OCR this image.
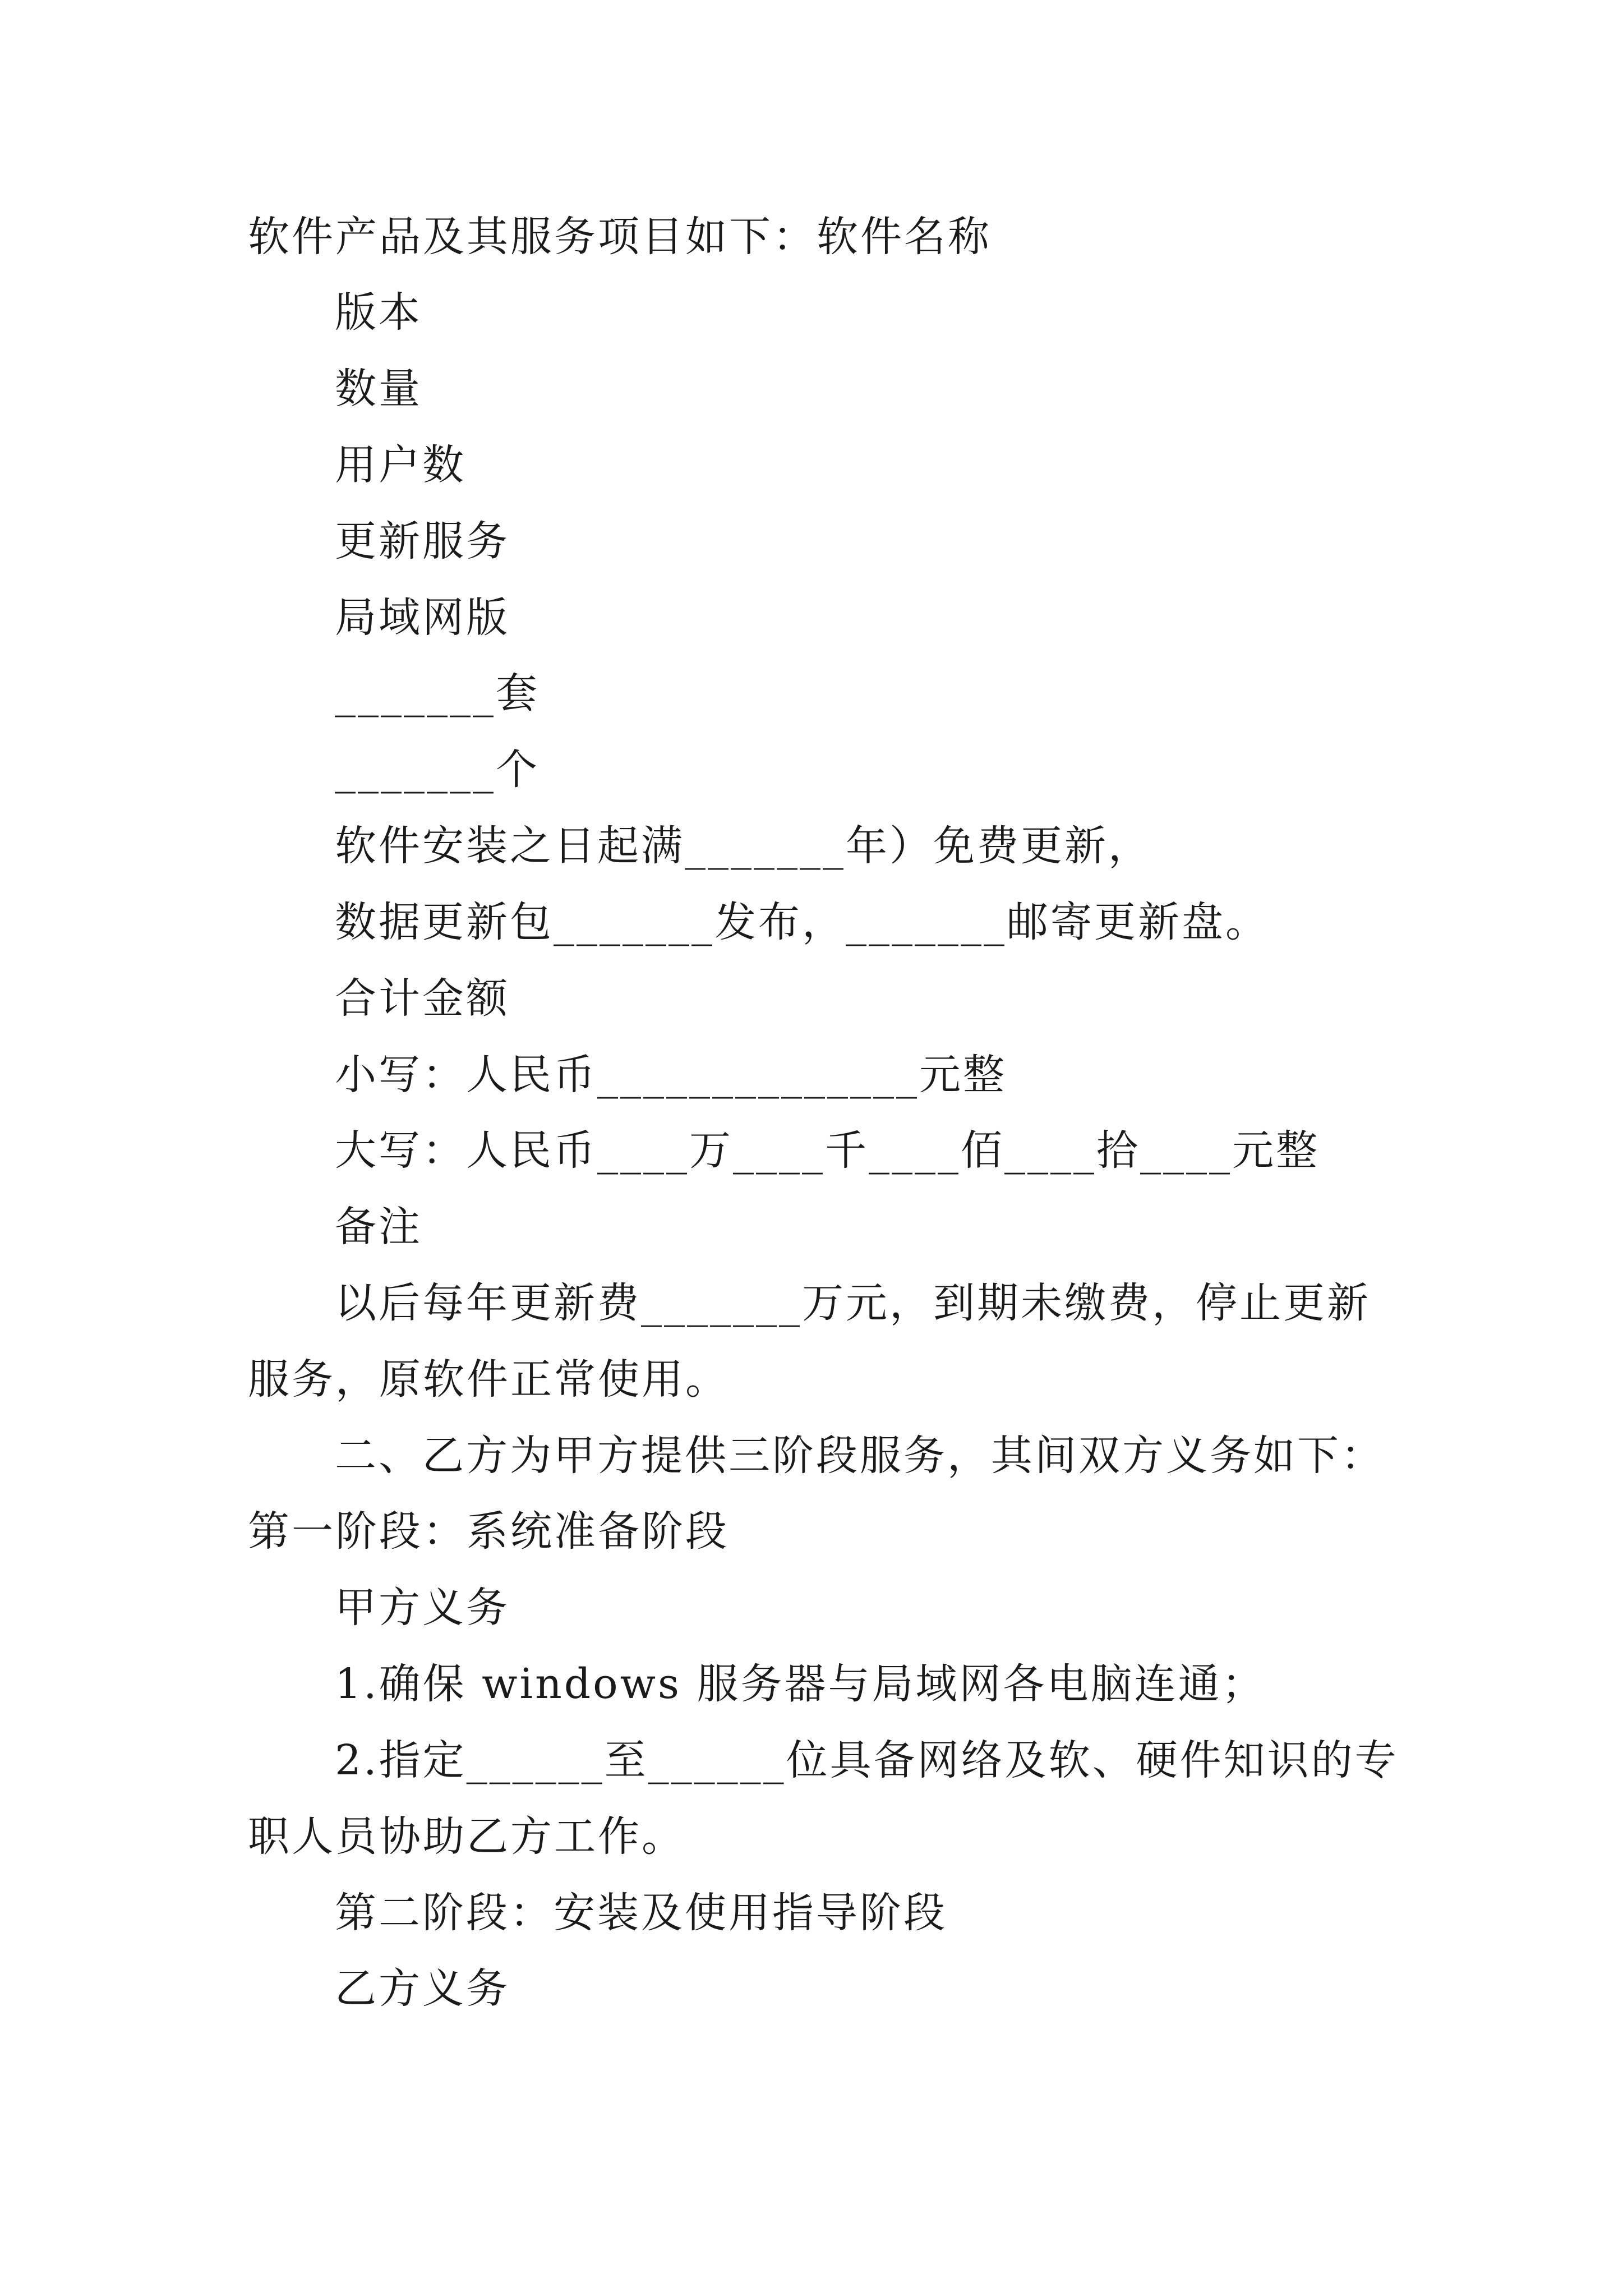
软件产品及其服务项目如下：软件名称
版本
数量
用户数
更新服务
局域网版
_______套
_______个
软件安装之日起满_______年）免费更新，
数据更新包_______发布，_______邮寄更新盘。
合计金额
小写：人民币______________元整
大写：人民币____万____千____佰____拾____元整
备注
以后每年更新费_______万元，到期未缴费，停止更新
服务，原软件正常使用。
二、乙方为甲方提供三阶段服务，其间双方义务如下：
第一阶段：系统准备阶段
甲方义务
1.确保 windows 服务器与局域网各电脑连通；
2.指定______至______位具备网络及软、硬件知识的专
职人员协助乙方工作。
第二阶段：安装及使用指导阶段
乙方义务
